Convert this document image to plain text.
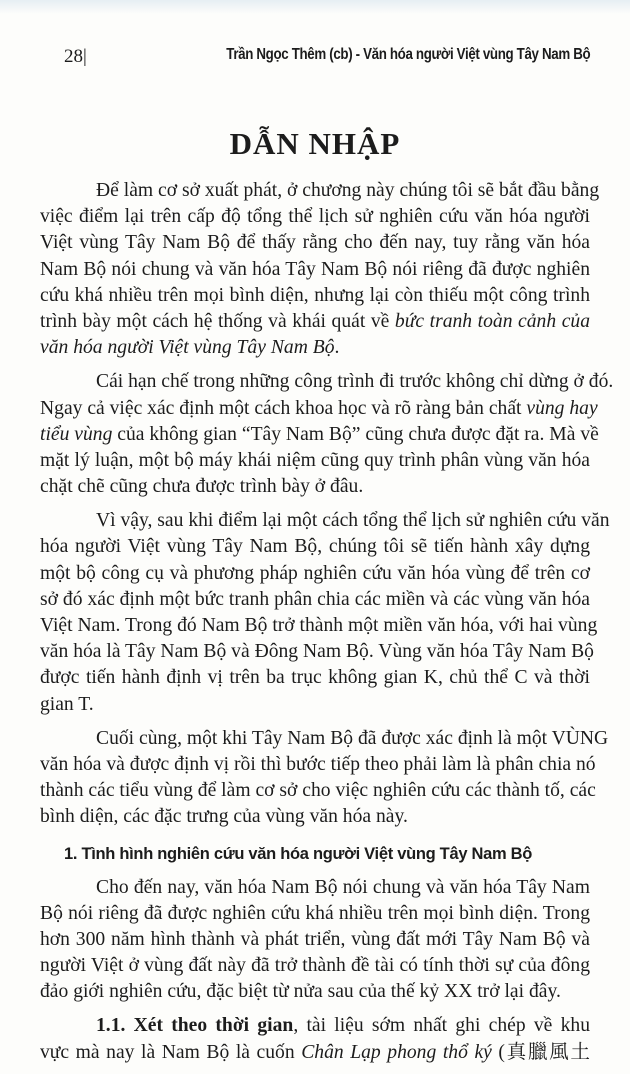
28|	Trần Ngọc Thêm (cb) - Văn hóa người Việt vùng Tây Nam Bộ
DẪN NHẬP
Để làm cơ sở xuất phát, ở chương này chúng tôi sẽ bắt đầu bằng
việc điểm lại trên cấp độ tổng thể lịch sử nghiên cứu văn hóa người
Việt vùng Tây Nam Bộ để thấy rằng cho đến nay, tuy rằng văn hóa
Nam Bộ nói chung và văn hóa Tây Nam Bộ nói riêng đã được nghiên
cứu khá nhiều trên mọi bình diện, nhưng lại còn thiếu một công trình
trình bày một cách hệ thống và khái quát về bức tranh toàn cảnh của
văn hóa người Việt vùng Tây Nam Bộ.
Cái hạn chế trong những công trình đi trước không chỉ dừng ở đó.
Ngay cả việc xác định một cách khoa học và rõ ràng bản chất vùng hay
tiểu vùng của không gian “Tây Nam Bộ” cũng chưa được đặt ra. Mà về
mặt lý luận, một bộ máy khái niệm cũng quy trình phân vùng văn hóa
chặt chẽ cũng chưa được trình bày ở đâu.
Vì vậy, sau khi điểm lại một cách tổng thể lịch sử nghiên cứu văn
hóa người Việt vùng Tây Nam Bộ, chúng tôi sẽ tiến hành xây dựng
một bộ công cụ và phương pháp nghiên cứu văn hóa vùng để trên cơ
sở đó xác định một bức tranh phân chia các miền và các vùng văn hóa
Việt Nam. Trong đó Nam Bộ trở thành một miền văn hóa, với hai vùng
văn hóa là Tây Nam Bộ và Đông Nam Bộ. Vùng văn hóa Tây Nam Bộ
được tiến hành định vị trên ba trục không gian K, chủ thể C và thời
gian T.
Cuối cùng, một khi Tây Nam Bộ đã được xác định là một VÙNG
văn hóa và được định vị rồi thì bước tiếp theo phải làm là phân chia nó
thành các tiểu vùng để làm cơ sở cho việc nghiên cứu các thành tố, các
bình diện, các đặc trưng của vùng văn hóa này.
1. Tình hình nghiên cứu văn hóa người Việt vùng Tây Nam Bộ
Cho đến nay, văn hóa Nam Bộ nói chung và văn hóa Tây Nam
Bộ nói riêng đã được nghiên cứu khá nhiều trên mọi bình diện. Trong
hơn 300 năm hình thành và phát triển, vùng đất mới Tây Nam Bộ và
người Việt ở vùng đất này đã trở thành đề tài có tính thời sự của đông
đảo giới nghiên cứu, đặc biệt từ nửa sau của thế kỷ XX trở lại đây.
1.1. Xét theo thời gian, tài liệu sớm nhất ghi chép về khu
vực mà nay là Nam Bộ là cuốn Chân Lạp phong thổ ký (真臘風土
